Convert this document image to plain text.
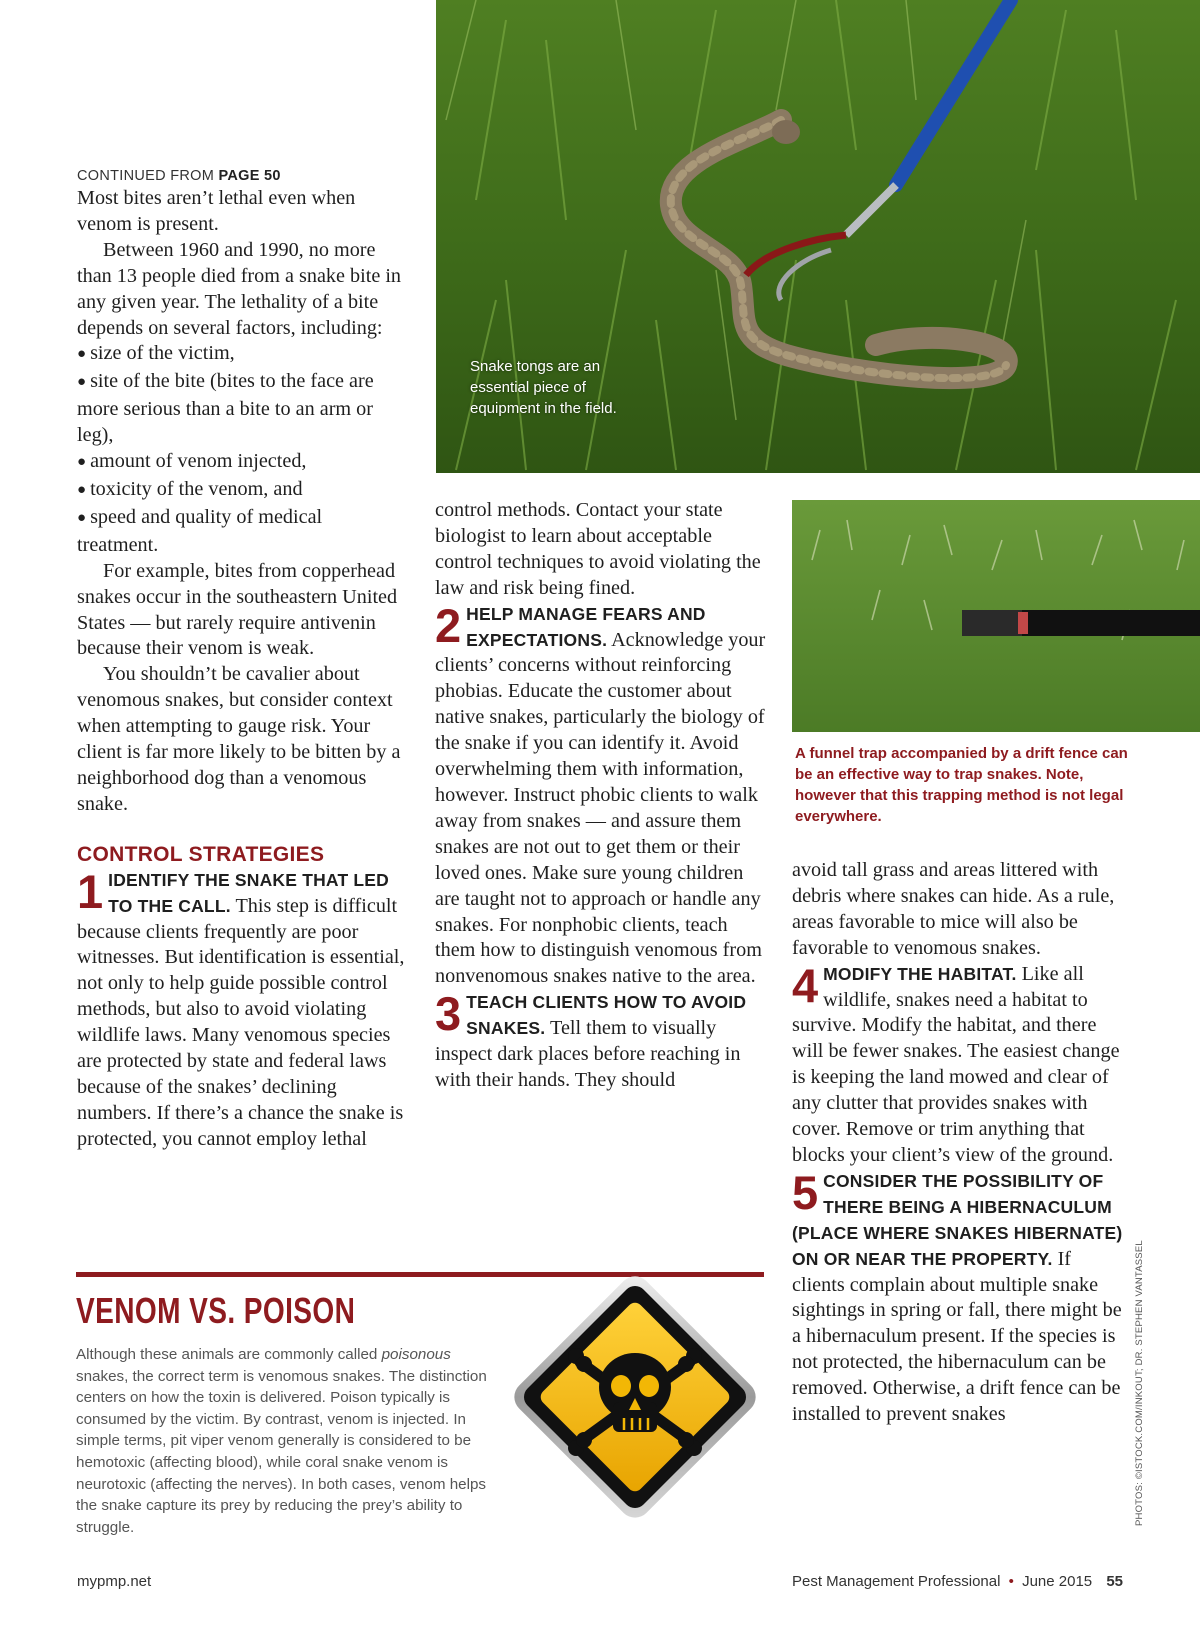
Snake tongs are an essential piece of equipment in the field.
A funnel trap accompanied by a drift fence can be an effective way to trap snakes. Note, however that this trapping method is not legal everywhere.
CONTINUED FROM PAGE 50

Most bites aren’t lethal even when venom is present.

Between 1960 and 1990, no more than 13 people died from a snake bite in any given year. The lethality of a bite depends on several factors, including:

● size of the victim,

● site of the bite (bites to the face are more serious than a bite to an arm or leg),

● amount of venom injected,

● toxicity of the venom, and

● speed and quality of medical treatment.

For example, bites from copperhead snakes occur in the southeastern United States — but rarely require antivenin because their venom is weak.

You shouldn’t be cavalier about venomous snakes, but consider context when attempting to gauge risk. Your client is far more likely to be bitten by a neighborhood dog than a venomous snake.

CONTROL STRATEGIES

1 IDENTIFY THE SNAKE THAT LED TO THE CALL. This step is difficult because clients frequently are poor witnesses. But identification is essential, not only to help guide possible control methods, but also to avoid violating wildlife laws. Many venomous species are protected by state and federal laws because of the snakes’ declining numbers. If there’s a chance the snake is protected, you cannot employ lethal

control methods. Contact your state biologist to learn about acceptable control techniques to avoid violating the law and risk being fined.

2 HELP MANAGE FEARS AND EXPECTATIONS. Acknowledge your clients’ concerns without reinforcing phobias. Educate the customer about native snakes, particularly the biology of the snake if you can identify it. Avoid overwhelming them with information, however. Instruct phobic clients to walk away from snakes — and assure them snakes are not out to get them or their loved ones. Make sure young children are taught not to approach or handle any snakes. For nonphobic clients, teach them how to distinguish venomous from nonvenomous snakes native to the area.

3 TEACH CLIENTS HOW TO AVOID SNAKES. Tell them to visually inspect dark places before reaching in with their hands. They should

avoid tall grass and areas littered with debris where snakes can hide. As a rule, areas favorable to mice will also be favorable to venomous snakes.

4 MODIFY THE HABITAT. Like all wildlife, snakes need a habitat to survive. Modify the habitat, and there will be fewer snakes. The easiest change is keeping the land mowed and clear of any clutter that provides snakes with cover. Remove or trim anything that blocks your client’s view of the ground.

5 CONSIDER THE POSSIBILITY OF THERE BEING A HIBERNACULUM (PLACE WHERE SNAKES HIBERNATE) ON OR NEAR THE PROPERTY. If clients complain about multiple snake sightings in spring or fall, there might be a hibernaculum present. If the species is not protected, the hibernaculum can be removed. Otherwise, a drift fence can be installed to prevent snakes

VENOM VS. POISON
Although these animals are commonly called poisonous snakes, the correct term is venomous snakes. The distinction centers on how the toxin is delivered. Poison typically is consumed by the victim. By contrast, venom is injected. In simple terms, pit viper venom generally is considered to be hemotoxic (affecting blood), while coral snake venom is neurotoxic (affecting the nerves). In both cases, venom helps the snake capture its prey by reducing the prey’s ability to struggle.
PHOTOS: ©ISTOCK.COM/INKOUT; DR. STEPHEN VANTASSEL
mypmp.net	Pest Management Professional • June 2015 55
